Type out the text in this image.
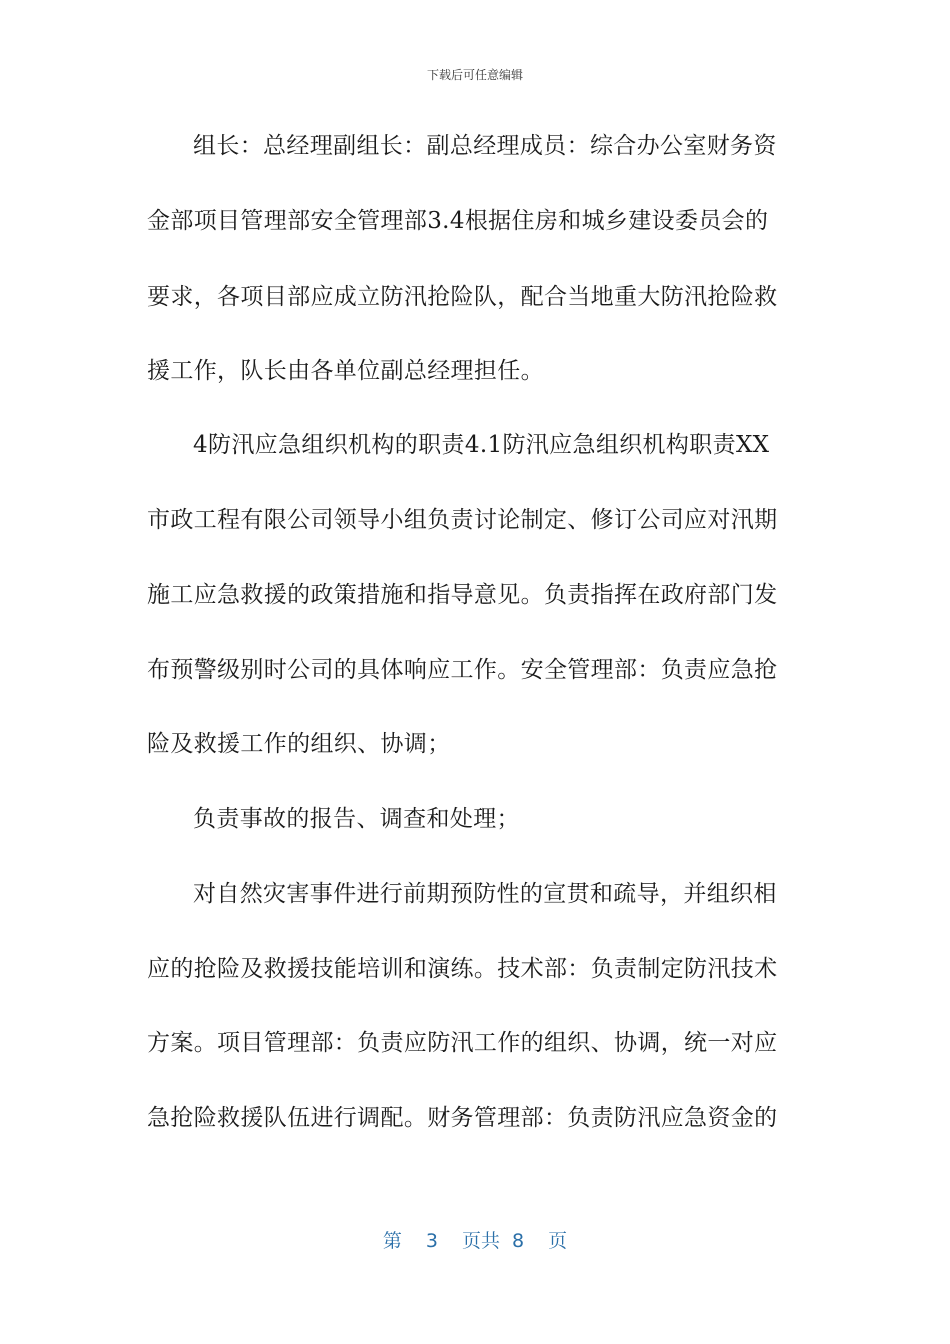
下载后可任意编辑
组长：总经理副组长：副总经理成员：综合办公室财务资
金部项目管理部安全管理部3.4根据住房和城乡建设委员会的
要求，各项目部应成立防汛抢险队，配合当地重大防汛抢险救
援工作，队长由各单位副总经理担任。
4防汛应急组织机构的职责4.1防汛应急组织机构职责XX
市政工程有限公司领导小组负责讨论制定、修订公司应对汛期
施工应急救援的政策措施和指导意见。负责指挥在政府部门发
布预警级别时公司的具体响应工作。安全管理部：负责应急抢
险及救援工作的组织、协调；
负责事故的报告、调查和处理；
对自然灾害事件进行前期预防性的宣贯和疏导，并组织相
应的抢险及救援技能培训和演练。技术部：负责制定防汛技术
方案。项目管理部：负责应防汛工作的组织、协调，统一对应
急抢险救援队伍进行调配。财务管理部：负责防汛应急资金的
第 3 页共 8 页
